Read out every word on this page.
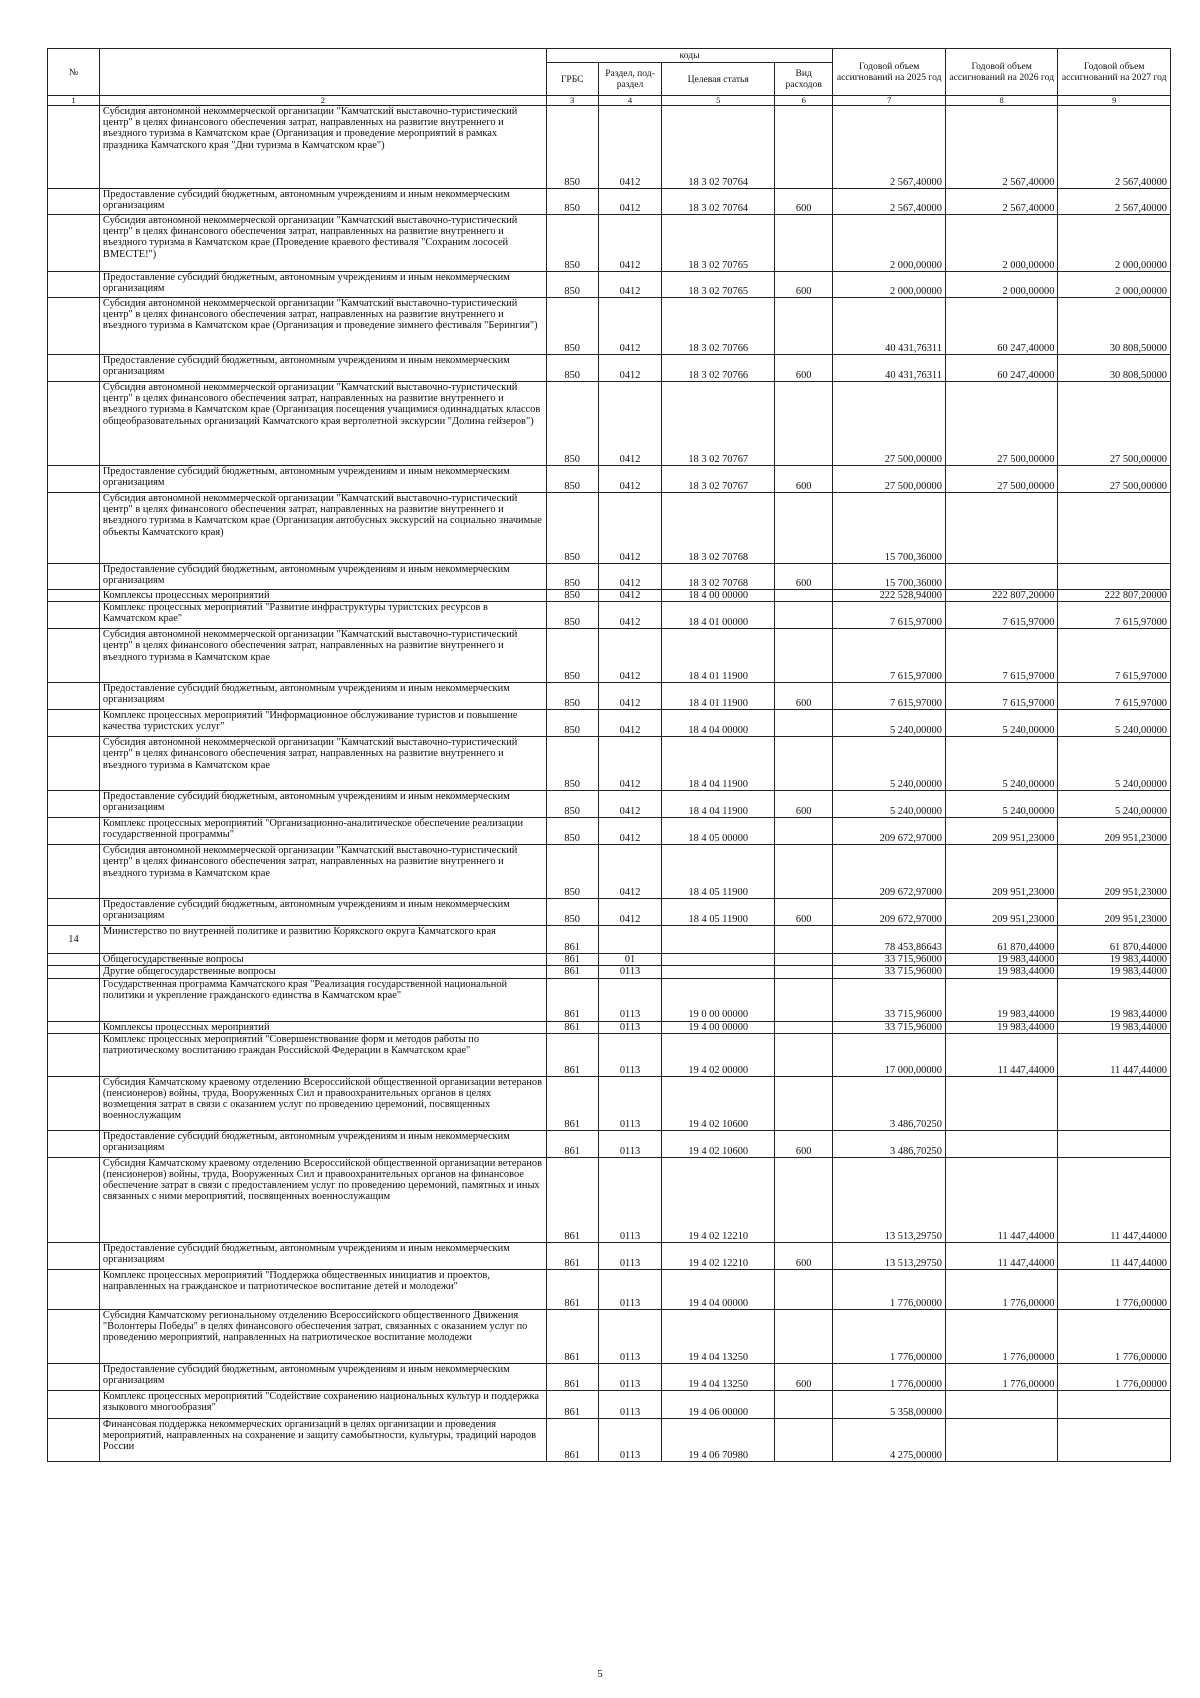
№		коды				Годовой объем ассигнований на 2025 год	Годовой объем ассигнований на 2026 год	Годовой объем ассигнований на 2027 год
		ГРБС	Раздел, под-раздел	Целевая статья	Вид расходов			
1	2	3	4	5	6	7	8	9
	Субсидия автономной некоммерческой организации "Камчатский выставочно-туристический центр" в целях финансового обеспечения затрат, направленных на развитие внутреннего и въездного туризма в Камчатском крае (Организация и проведение мероприятий в рамках праздника Камчатского края "Дни туризма в Камчатском крае")	850	0412	18 3 02 70764		2 567,40000	2 567,40000	2 567,40000
	Предоставление субсидий бюджетным, автономным учреждениям и иным некоммерческим организациям	850	0412	18 3 02 70764	600	2 567,40000	2 567,40000	2 567,40000
	Субсидия автономной некоммерческой организации "Камчатский выставочно-туристический центр" в целях финансового обеспечения затрат, направленных на развитие внутреннего и въездного туризма в Камчатском крае (Проведение краевого фестиваля "Сохраним лососей ВМЕСТЕ!")	850	0412	18 3 02 70765		2 000,00000	2 000,00000	2 000,00000
	Предоставление субсидий бюджетным, автономным учреждениям и иным некоммерческим организациям	850	0412	18 3 02 70765	600	2 000,00000	2 000,00000	2 000,00000
	Субсидия автономной некоммерческой организации "Камчатский выставочно-туристический центр" в целях финансового обеспечения затрат, направленных на развитие внутреннего и въездного туризма в Камчатском крае (Организация и проведение зимнего фестиваля "Берингия")	850	0412	18 3 02 70766		40 431,76311	60 247,40000	30 808,50000
	Предоставление субсидий бюджетным, автономным учреждениям и иным некоммерческим организациям	850	0412	18 3 02 70766	600	40 431,76311	60 247,40000	30 808,50000
	Субсидия автономной некоммерческой организации "Камчатский выставочно-туристический центр" в целях финансового обеспечения затрат, направленных на развитие внутреннего и въездного туризма в Камчатском крае (Организация посещения учащимися одиннадцатых классов общеобразовательных организаций Камчатского края вертолетной экскурсии "Долина гейзеров")	850	0412	18 3 02 70767		27 500,00000	27 500,00000	27 500,00000
	Предоставление субсидий бюджетным, автономным учреждениям и иным некоммерческим организациям	850	0412	18 3 02 70767	600	27 500,00000	27 500,00000	27 500,00000
	Субсидия автономной некоммерческой организации "Камчатский выставочно-туристический центр" в целях финансового обеспечения затрат, направленных на развитие внутреннего и въездного туризма в Камчатском крае (Организация автобусных экскурсий на социально значимые объекты Камчатского края)	850	0412	18 3 02 70768		15 700,36000		
	Предоставление субсидий бюджетным, автономным учреждениям и иным некоммерческим организациям	850	0412	18 3 02 70768	600	15 700,36000		
	Комплексы процессных мероприятий	850	0412	18 4 00 00000		222 528,94000	222 807,20000	222 807,20000
	Комплекс процессных мероприятий "Развитие инфраструктуры туристских ресурсов в Камчатском крае"	850	0412	18 4 01 00000		7 615,97000	7 615,97000	7 615,97000
	Субсидия автономной некоммерческой организации "Камчатский выставочно-туристический центр" в целях финансового обеспечения затрат, направленных на развитие внутреннего и въездного туризма в Камчатском крае	850	0412	18 4 01 11900		7 615,97000	7 615,97000	7 615,97000
	Предоставление субсидий бюджетным, автономным учреждениям и иным некоммерческим организациям	850	0412	18 4 01 11900	600	7 615,97000	7 615,97000	7 615,97000
	Комплекс процессных мероприятий "Информационное обслуживание туристов и повышение качества туристских услуг"	850	0412	18 4 04 00000		5 240,00000	5 240,00000	5 240,00000
	Субсидия автономной некоммерческой организации "Камчатский выставочно-туристический центр" в целях финансового обеспечения затрат, направленных на развитие внутреннего и въездного туризма в Камчатском крае	850	0412	18 4 04 11900		5 240,00000	5 240,00000	5 240,00000
	Предоставление субсидий бюджетным, автономным учреждениям и иным некоммерческим организациям	850	0412	18 4 04 11900	600	5 240,00000	5 240,00000	5 240,00000
	Комплекс процессных мероприятий "Организационно-аналитическое обеспечение реализации государственной программы"	850	0412	18 4 05 00000		209 672,97000	209 951,23000	209 951,23000
	Субсидия автономной некоммерческой организации "Камчатский выставочно-туристический центр" в целях финансового обеспечения затрат, направленных на развитие внутреннего и въездного туризма в Камчатском крае	850	0412	18 4 05 11900		209 672,97000	209 951,23000	209 951,23000
	Предоставление субсидий бюджетным, автономным учреждениям и иным некоммерческим организациям	850	0412	18 4 05 11900	600	209 672,97000	209 951,23000	209 951,23000
14	Министерство по внутренней политике и развитию Корякского округа Камчатского края	861				78 453,86643	61 870,44000	61 870,44000
	Общегосударственные вопросы	861	01			33 715,96000	19 983,44000	19 983,44000
	Другие общегосударственные вопросы	861	0113			33 715,96000	19 983,44000	19 983,44000
	Государственная программа Камчатского края "Реализация государственной национальной политики и укрепление гражданского единства в Камчатском крае"	861	0113	19 0 00 00000		33 715,96000	19 983,44000	19 983,44000
	Комплексы процессных мероприятий	861	0113	19 4 00 00000		33 715,96000	19 983,44000	19 983,44000
	Комплекс процессных мероприятий "Совершенствование форм и методов работы по патриотическому воспитанию граждан Российской Федерации в Камчатском крае"	861	0113	19 4 02 00000		17 000,00000	11 447,44000	11 447,44000
	Субсидия Камчатскому краевому отделению Всероссийской общественной организации ветеранов (пенсионеров) войны, труда, Вооруженных Сил и правоохранительных органов в целях возмещения затрат в связи с оказанием услуг по проведению церемоний, посвященных военнослужащим	861	0113	19 4 02 10600		3 486,70250		
	Предоставление субсидий бюджетным, автономным учреждениям и иным некоммерческим организациям	861	0113	19 4 02 10600	600	3 486,70250		
	Субсидия Камчатскому краевому отделению Всероссийской общественной организации ветеранов (пенсионеров) войны, труда, Вооруженных Сил и правоохранительных органов на финансовое обеспечение затрат в связи с предоставлением услуг по проведению церемоний, памятных и иных связанных с ними мероприятий, посвященных военнослужащим	861	0113	19 4 02 12210		13 513,29750	11 447,44000	11 447,44000
	Предоставление субсидий бюджетным, автономным учреждениям и иным некоммерческим организациям	861	0113	19 4 02 12210	600	13 513,29750	11 447,44000	11 447,44000
	Комплекс процессных мероприятий "Поддержка общественных инициатив и проектов, направленных на гражданское и патриотическое воспитание детей и молодежи"	861	0113	19 4 04 00000		1 776,00000	1 776,00000	1 776,00000
	Субсидия Камчатскому региональному отделению Всероссийского общественного Движения "Волонтеры Победы" в целях финансового обеспечения затрат, связанных с оказанием услуг по проведению мероприятий, направленных на патриотическое воспитание молодежи	861	0113	19 4 04 13250		1 776,00000	1 776,00000	1 776,00000
	Предоставление субсидий бюджетным, автономным учреждениям и иным некоммерческим организациям	861	0113	19 4 04 13250	600	1 776,00000	1 776,00000	1 776,00000
	Комплекс процессных мероприятий "Содействие сохранению национальных культур и поддержка языкового многообразия"	861	0113	19 4 06 00000		5 358,00000		
	Финансовая поддержка некоммерческих организаций в целях организации и проведения мероприятий, направленных на сохранение и защиту самобытности, культуры, традиций народов России	861	0113	19 4 06 70980		4 275,00000		
5
